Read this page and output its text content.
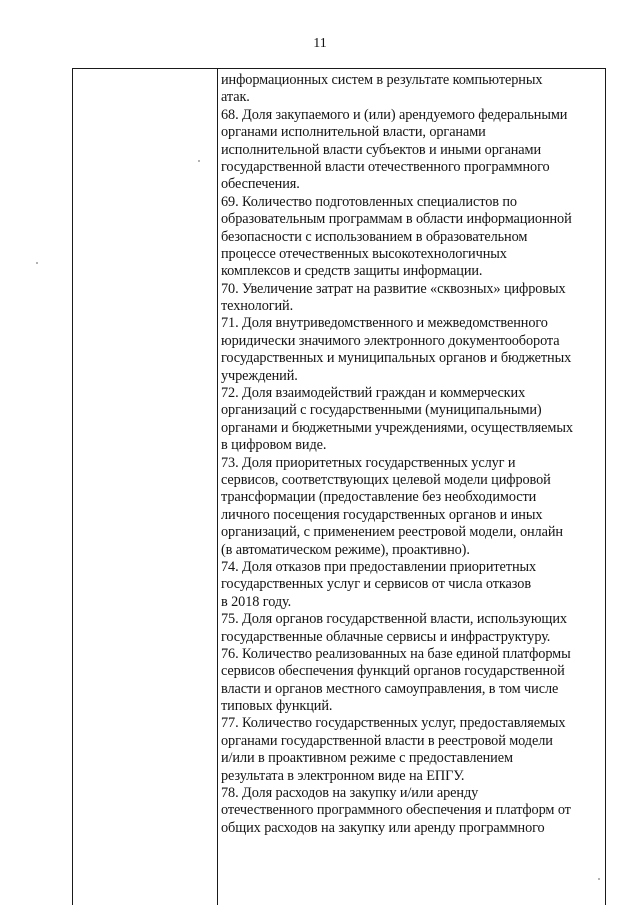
11
информационных систем в результате компьютерных
атак.
68. Доля закупаемого и (или) арендуемого федеральными
органами исполнительной власти, органами
исполнительной власти субъектов и иными органами
государственной власти отечественного программного
обеспечения.
69. Количество подготовленных специалистов по
образовательным программам в области информационной
безопасности с использованием в образовательном
процессе отечественных высокотехнологичных
комплексов и средств защиты информации.
70. Увеличение затрат на развитие «сквозных» цифровых
технологий.
71. Доля внутриведомственного и межведомственного
юридически значимого электронного документооборота
государственных и муниципальных органов и бюджетных
учреждений.
72. Доля взаимодействий граждан и коммерческих
организаций с государственными (муниципальными)
органами и бюджетными учреждениями, осуществляемых
в цифровом виде.
73. Доля приоритетных государственных услуг и
сервисов, соответствующих целевой модели цифровой
трансформации (предоставление без необходимости
личного посещения государственных органов и иных
организаций, с применением реестровой модели, онлайн
(в автоматическом режиме), проактивно).
74. Доля отказов при предоставлении приоритетных
государственных услуг и сервисов от числа отказов
в 2018 году.
75. Доля органов государственной власти, использующих
государственные облачные сервисы и инфраструктуру.
76. Количество реализованных на базе единой платформы
сервисов обеспечения функций органов государственной
власти и органов местного самоуправления, в том числе
типовых функций.
77. Количество государственных услуг, предоставляемых
органами государственной власти в реестровой модели
и/или в проактивном режиме с предоставлением
результата в электронном виде на ЕПГУ.
78. Доля расходов на закупку и/или аренду
отечественного программного обеспечения и платформ от
общих расходов на закупку или аренду программного
